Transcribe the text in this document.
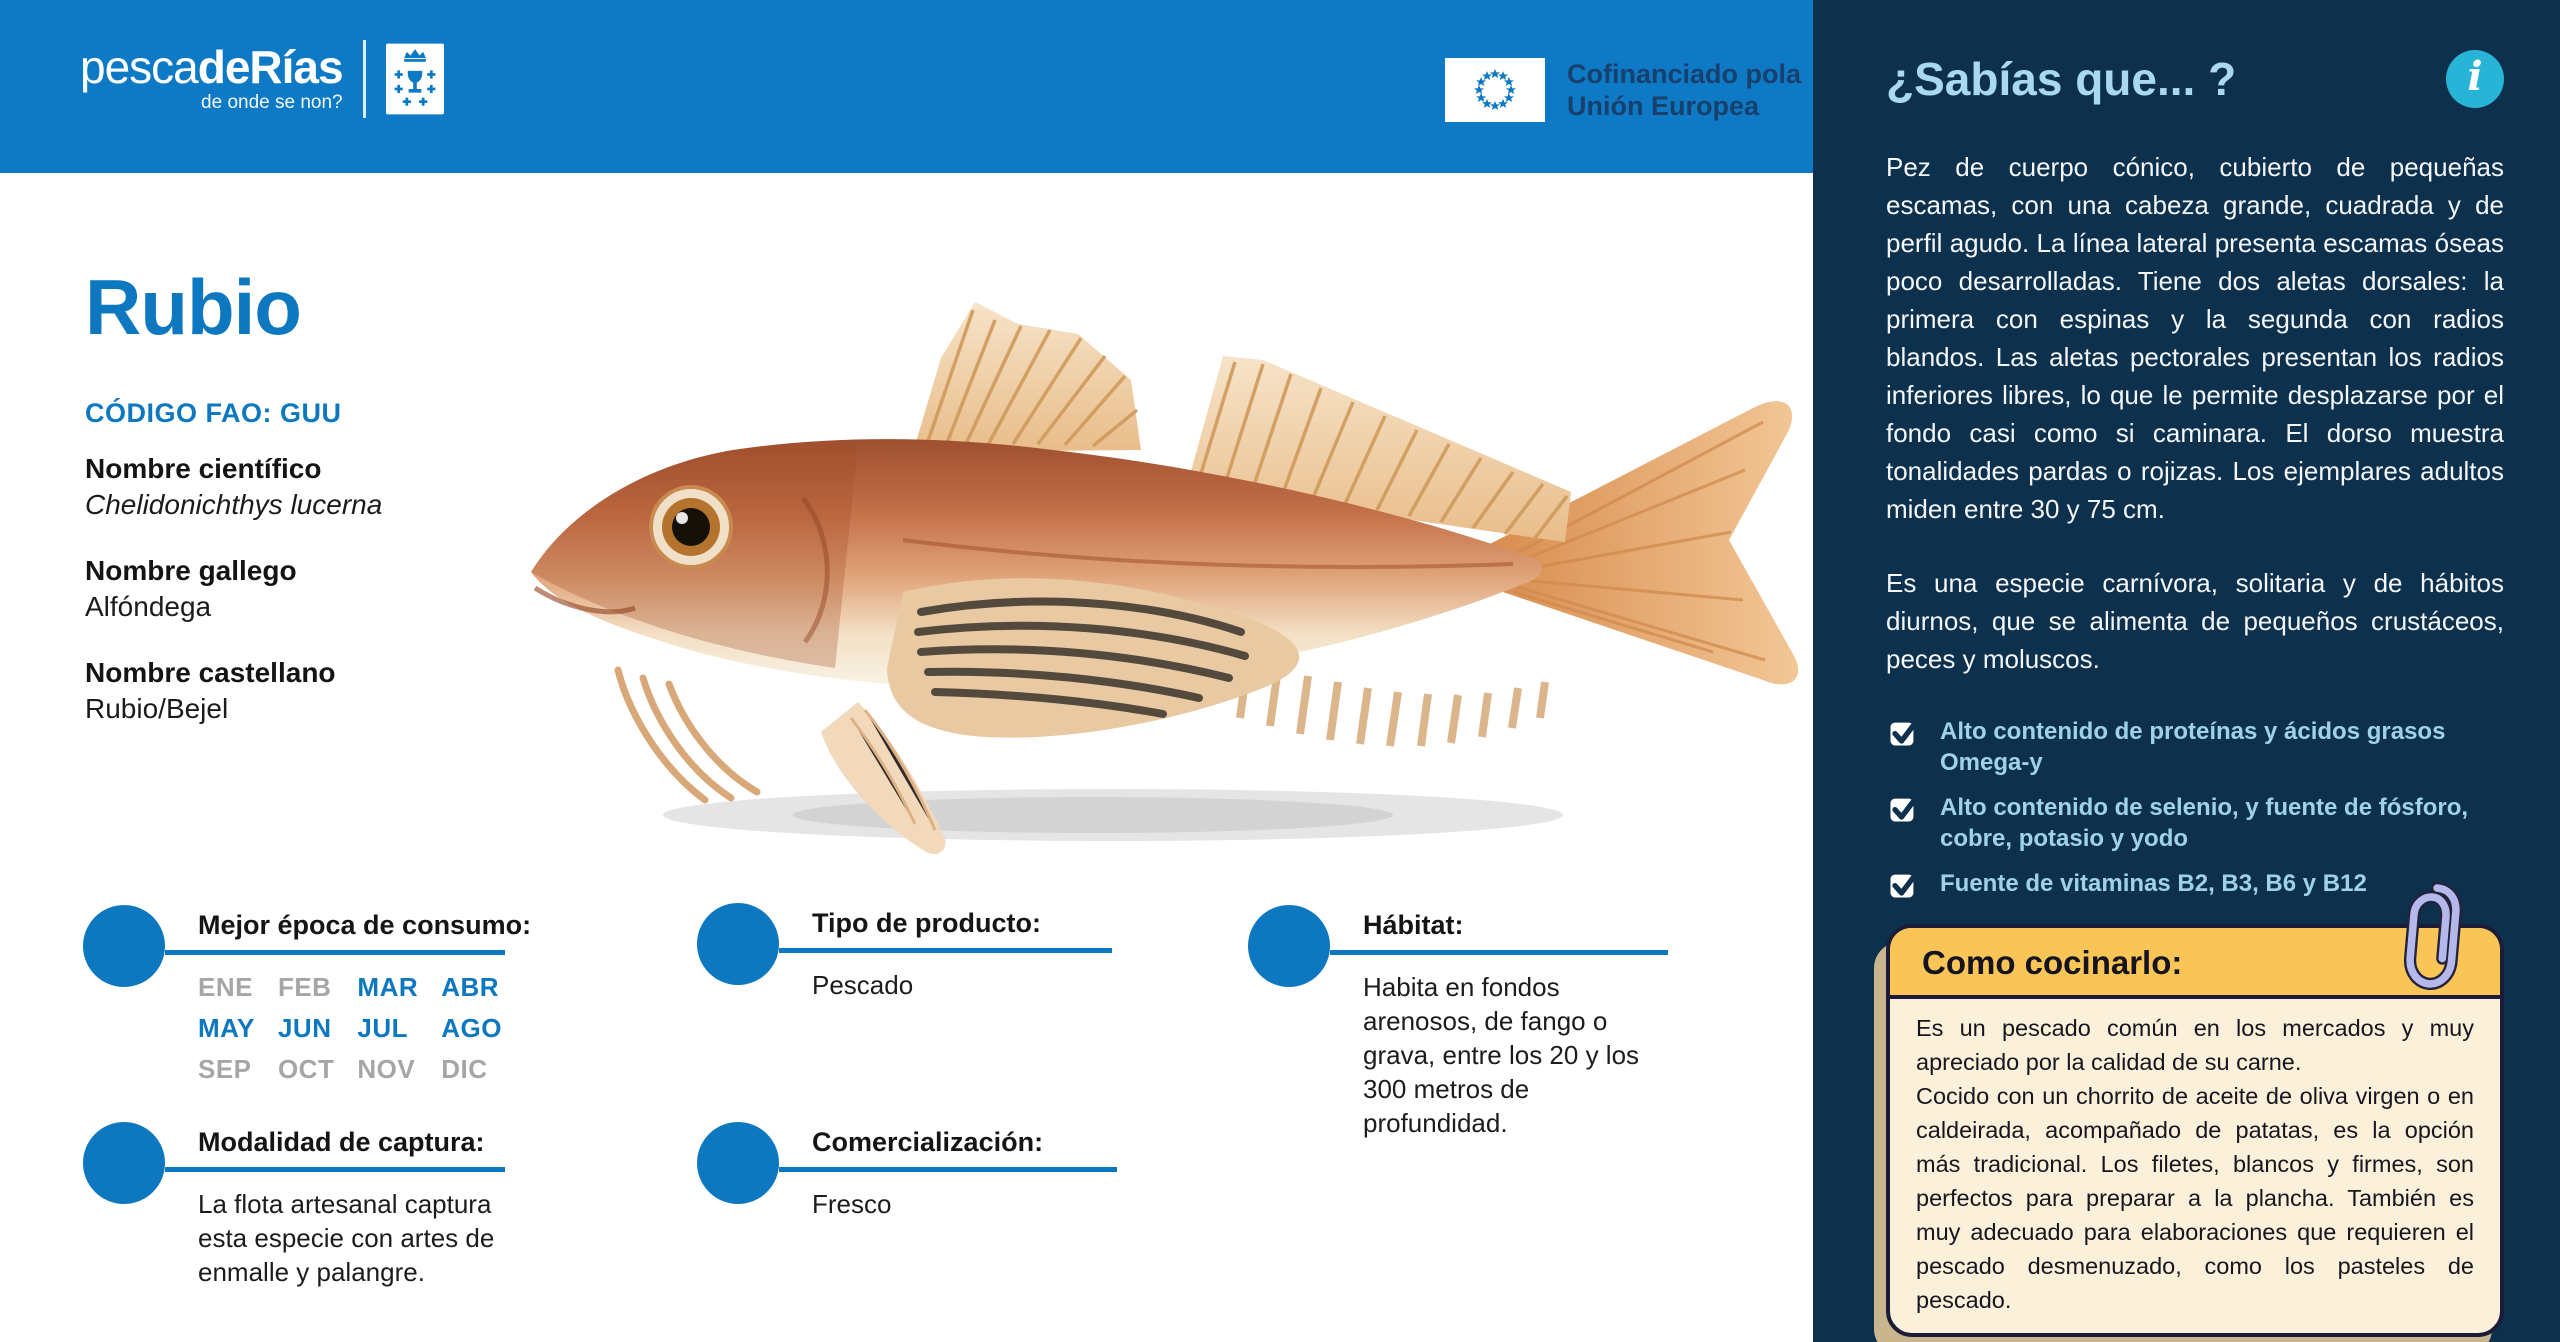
pescadeRías
de onde se non?
Cofinanciado pola
Unión Europea
Rubio
CÓDIGO FAO: GUU
Nombre científico
Chelidonichthys lucerna
Nombre gallego
Alfóndega
Nombre castellano
Rubio/Bejel
Mejor época de consumo:
ENE FEB MAR ABR
MAY JUN JUL	AGO
SEP	OCT NOV DIC
Modalidad de captura:
La flota artesanal captura esta especie con artes de enmalle y palangre.
Tipo de producto:
Pescado
Comercialización:
Fresco
Hábitat:
Habita en fondos arenosos, de fango o grava, entre los 20 y los 300 metros de profundidad.
¿Sabías que... ?	i
Pez de cuerpo cónico, cubierto de pequeñas escamas, con una cabeza grande, cuadrada y de perfil agudo. La línea lateral presenta escamas óseas poco desarrolladas. Tiene dos aletas dorsales: la primera con espinas y la segunda con radios blandos. Las aletas pectorales presentan los radios inferiores libres, lo que le permite desplazarse por el fondo casi como si caminara. El dorso muestra tonalidades pardas o rojizas. Los ejemplares adultos miden entre 30 y 75 cm.
Es una especie carnívora, solitaria y de hábitos diurnos, que se alimenta de pequeños crustáceos, peces y moluscos.
Alto contenido de proteínas y ácidos grasos Omega-y
Alto contenido de selenio, y fuente de fósforo, cobre, potasio y yodo
Fuente de vitaminas B2, B3, B6 y B12
Como cocinarlo:

Es un pescado común en los mercados y muy apreciado por la calidad de su carne.

Cocido con un chorrito de aceite de oliva virgen o en caldeirada, acompañado de patatas, es la opción más tradicional. Los filetes, blancos y firmes, son perfectos para preparar a la plancha. También es muy adecuado para elaboraciones que requieren el pescado desmenuzado, como los pasteles de pescado.
